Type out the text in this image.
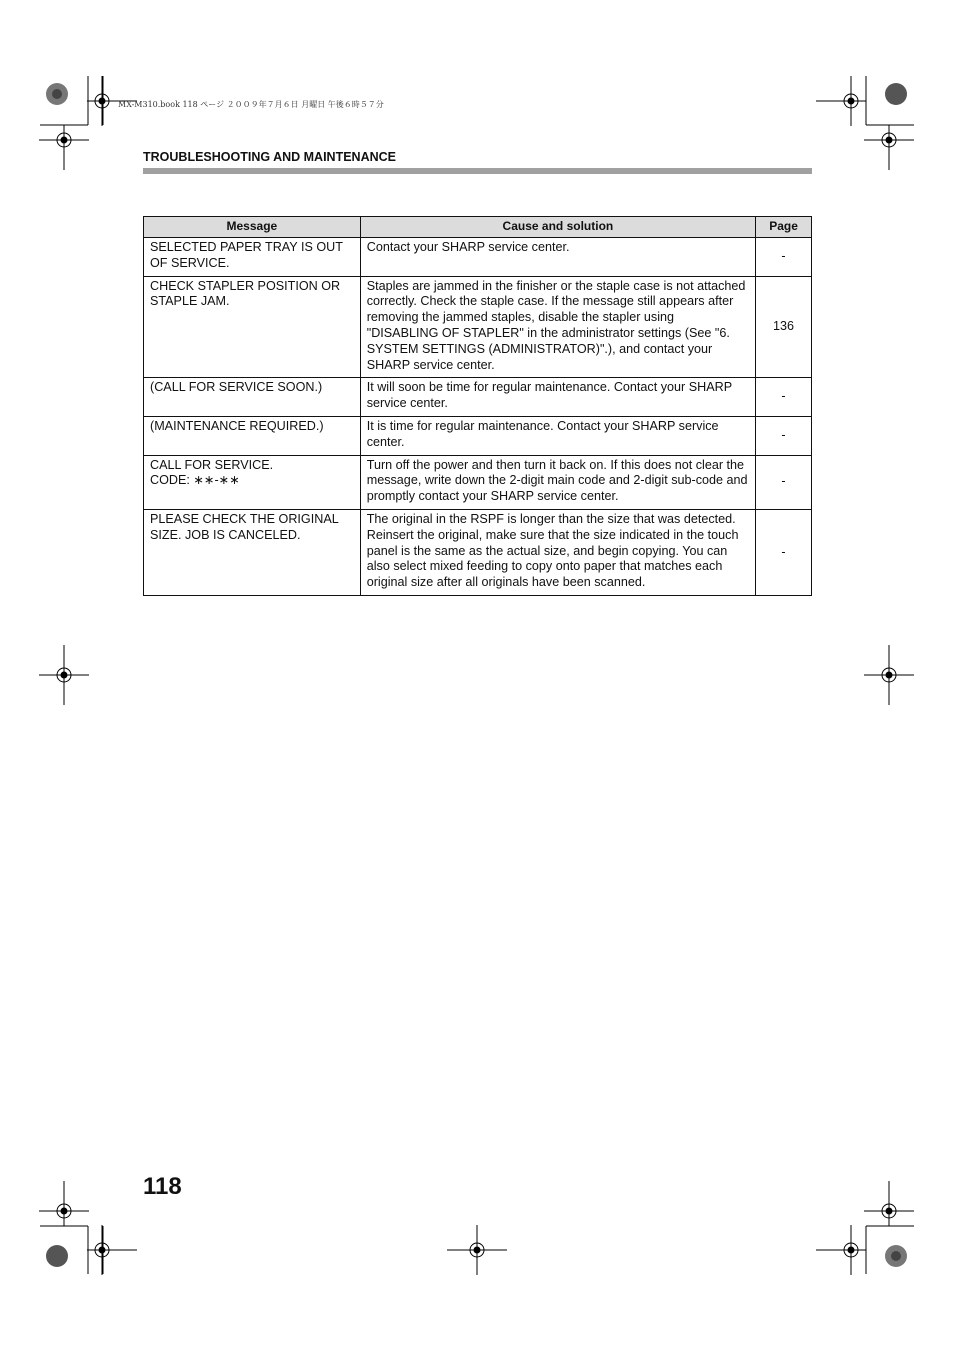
MX-M310.book 118 ページ ２００９年７月６日 月曜日 午後６時５７分
TROUBLESHOOTING AND MAINTENANCE
Message	Cause and solution	Page
SELECTED PAPER TRAY IS OUT OF SERVICE.	Contact your SHARP service center.	-
CHECK STAPLER POSITION OR STAPLE JAM.	Staples are jammed in the finisher or the staple case is not attached correctly. Check the staple case. If the message still appears after removing the jammed staples, disable the stapler using "DISABLING OF STAPLER" in the administrator settings (See "6. SYSTEM SETTINGS (ADMINISTRATOR)".), and contact your SHARP service center.	136
(CALL FOR SERVICE SOON.)	It will soon be time for regular maintenance. Contact your SHARP service center.	-
(MAINTENANCE REQUIRED.)	It is time for regular maintenance. Contact your SHARP service center.	-

CALL FOR SERVICE.
CODE: ∗∗-∗∗	Turn off the power and then turn it back on. If this does not clear the message, write down the 2-digit main code and 2-digit sub-code and promptly contact your SHARP service center.	-
PLEASE CHECK THE ORIGINAL SIZE. JOB IS CANCELED.	The original in the RSPF is longer than the size that was detected. Reinsert the original, make sure that the size indicated in the touch panel is the same as the actual size, and begin copying. You can also select mixed feeding to copy onto paper that matches each original size after all originals have been scanned.	-
118
